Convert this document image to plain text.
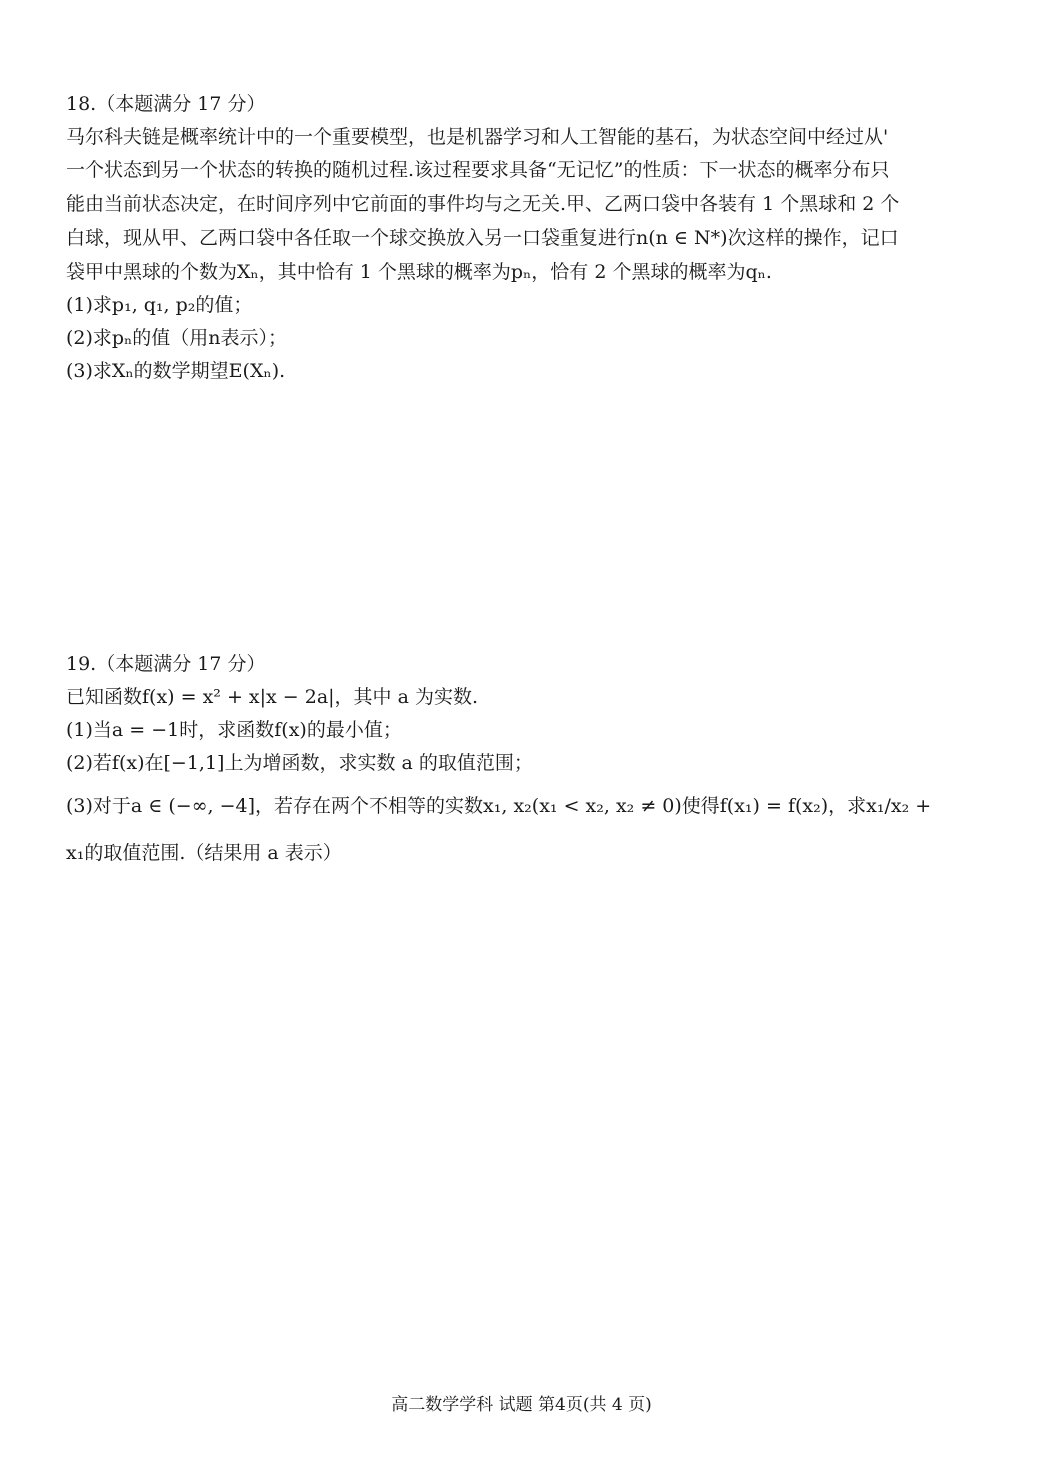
18.（本题满分 17 分）
马尔科夫链是概率统计中的一个重要模型，也是机器学习和人工智能的基石，为状态空间中经过从'
一个状态到另一个状态的转换的随机过程.该过程要求具备“无记忆”的性质：下一状态的概率分布只
能由当前状态决定，在时间序列中它前面的事件均与之无关.甲、乙两口袋中各装有 1 个黑球和 2 个
白球，现从甲、乙两口袋中各任取一个球交换放入另一口袋重复进行n(n ∈ N*)次这样的操作，记口
袋甲中黑球的个数为Xₙ，其中恰有 1 个黑球的概率为pₙ，恰有 2 个黑球的概率为qₙ.
(1)求p₁, q₁, p₂的值；
(2)求pₙ的值（用n表示）；
(3)求Xₙ的数学期望E(Xₙ).
19.（本题满分 17 分）
已知函数f(x) = x² + x|x − 2a|，其中 a 为实数.
(1)当a = −1时，求函数f(x)的最小值；
(2)若f(x)在[−1,1]上为增函数，求实数 a 的取值范围；
(3)对于a ∈ (−∞, −4]，若存在两个不相等的实数x₁, x₂(x₁ < x₂, x₂ ≠ 0)使得f(x₁) = f(x₂)，求x₁/x₂ +
x₁的取值范围.（结果用 a 表示）
高二数学学科 试题 第4页(共 4 页)
